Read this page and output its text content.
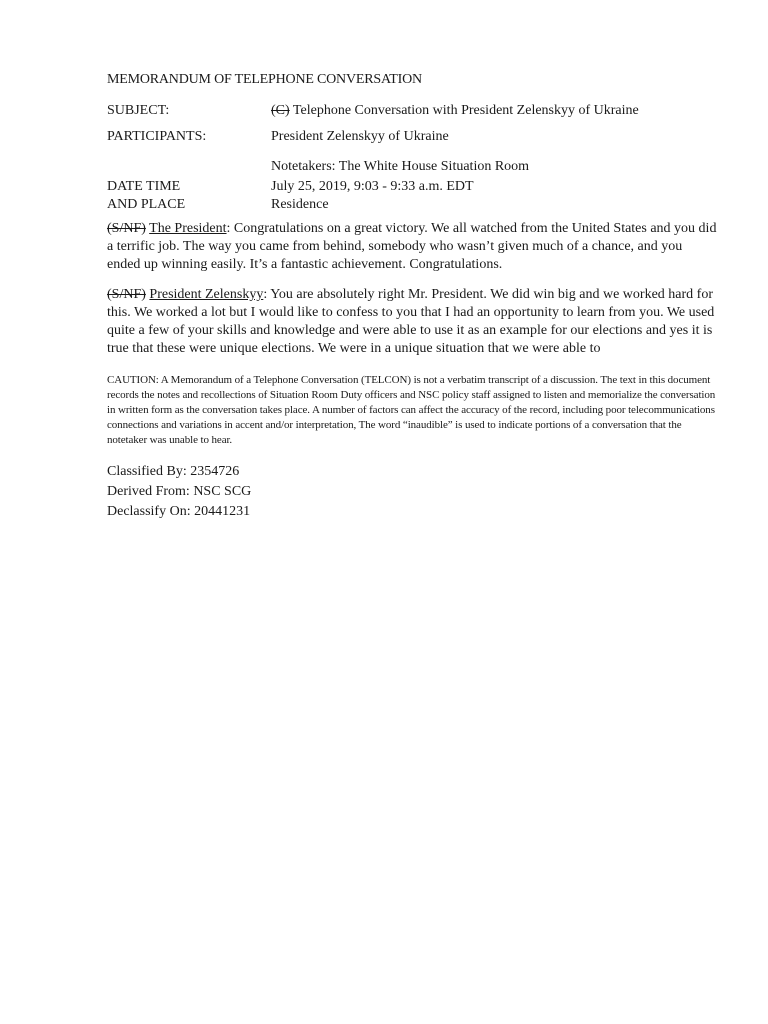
MEMORANDUM OF TELEPHONE CONVERSATION
SUBJECT:	(C) Telephone Conversation with President Zelenskyy of Ukraine
PARTICIPANTS:	President Zelenskyy of Ukraine
Notetakers: The White House Situation Room
DATE TIME
AND PLACE
July 25, 2019, 9:03 - 9:33 a.m. EDT
Residence

(S/NF) The President: Congratulations on a great victory. We all watched from the United States and you did a terrific job. The way you came from behind, somebody who wasn’t given much of a chance, and you ended up winning easily. It’s a fantastic achievement. Congratulations.

(S/NF) President Zelenskyy: You are absolutely right Mr. President. We did win big and we worked hard for this. We worked a lot but I would like to confess to you that I had an opportunity to learn from you. We used quite a few of your skills and knowledge and were able to use it as an example for our elections and yes it is true that these were unique elections. We were in a unique situation that we were able to

CAUTION: A Memorandum of a Telephone Conversation (TELCON) is not a verbatim transcript of a discussion. The text in this document records the notes and recollections of Situation Room Duty officers and NSC policy staff assigned to listen and memorialize the conversation in written form as the conversation takes place. A number of factors can affect the accuracy of the record, including poor telecommunications connections and variations in accent and/or interpretation, The word “inaudible” is used to indicate portions of a conversation that the notetaker was unable to hear.

Classified By: 2354726
Derived From: NSC SCG
Declassify On: 20441231
